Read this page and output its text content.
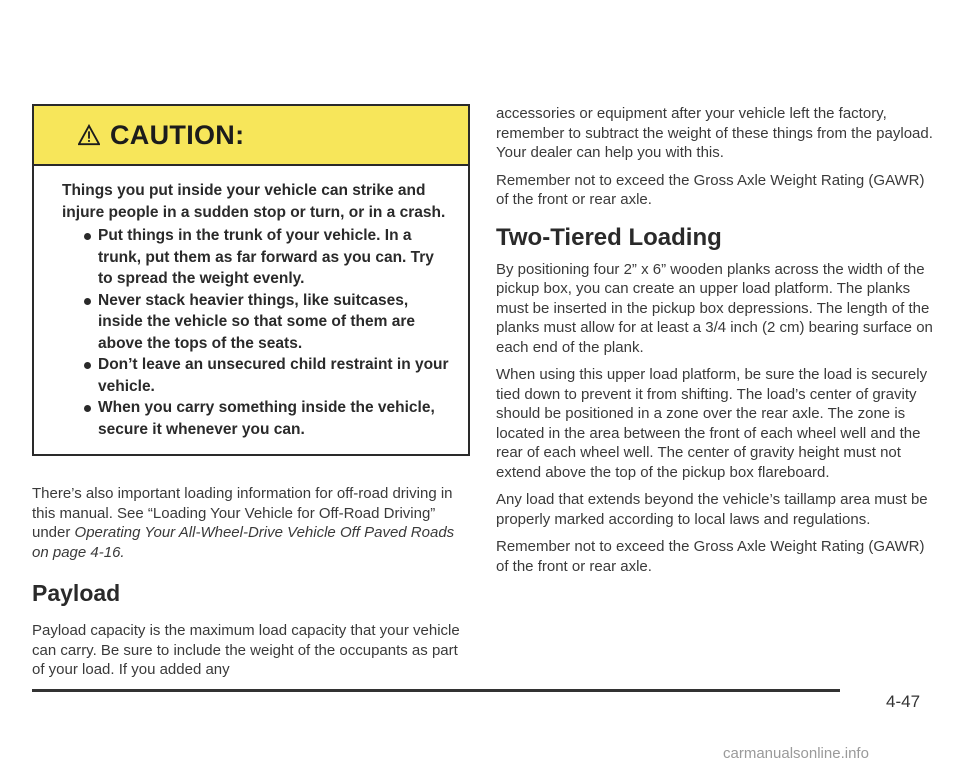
CAUTION:
Things you put inside your vehicle can strike and injure people in a sudden stop or turn, or in a crash.
Put things in the trunk of your vehicle. In a trunk, put them as far forward as you can. Try to spread the weight evenly.
Never stack heavier things, like suitcases, inside the vehicle so that some of them are above the tops of the seats.
Don’t leave an unsecured child restraint in your vehicle.
When you carry something inside the vehicle, secure it whenever you can.

There’s also important loading information for off-road driving in this manual. See “Loading Your Vehicle for Off-Road Driving” under Operating Your All-Wheel-Drive Vehicle Off Paved Roads on page 4-16.

Payload

Payload capacity is the maximum load capacity that your vehicle can carry. Be sure to include the weight of the occupants as part of your load. If you added any

accessories or equipment after your vehicle left the factory, remember to subtract the weight of these things from the payload. Your dealer can help you with this.

Remember not to exceed the Gross Axle Weight Rating (GAWR) of the front or rear axle.

Two-Tiered Loading

By positioning four 2” x 6” wooden planks across the width of the pickup box, you can create an upper load platform. The planks must be inserted in the pickup box depressions. The length of the planks must allow for at least a 3/4 inch (2 cm) bearing surface on each end of the plank.

When using this upper load platform, be sure the load is securely tied down to prevent it from shifting. The load’s center of gravity should be positioned in a zone over the rear axle. The zone is located in the area between the front of each wheel well and the rear of each wheel well. The center of gravity height must not extend above the top of the pickup box flareboard.

Any load that extends beyond the vehicle’s taillamp area must be properly marked according to local laws and regulations.

Remember not to exceed the Gross Axle Weight Rating (GAWR) of the front or rear axle.

4-47
carmanualsonline.info
